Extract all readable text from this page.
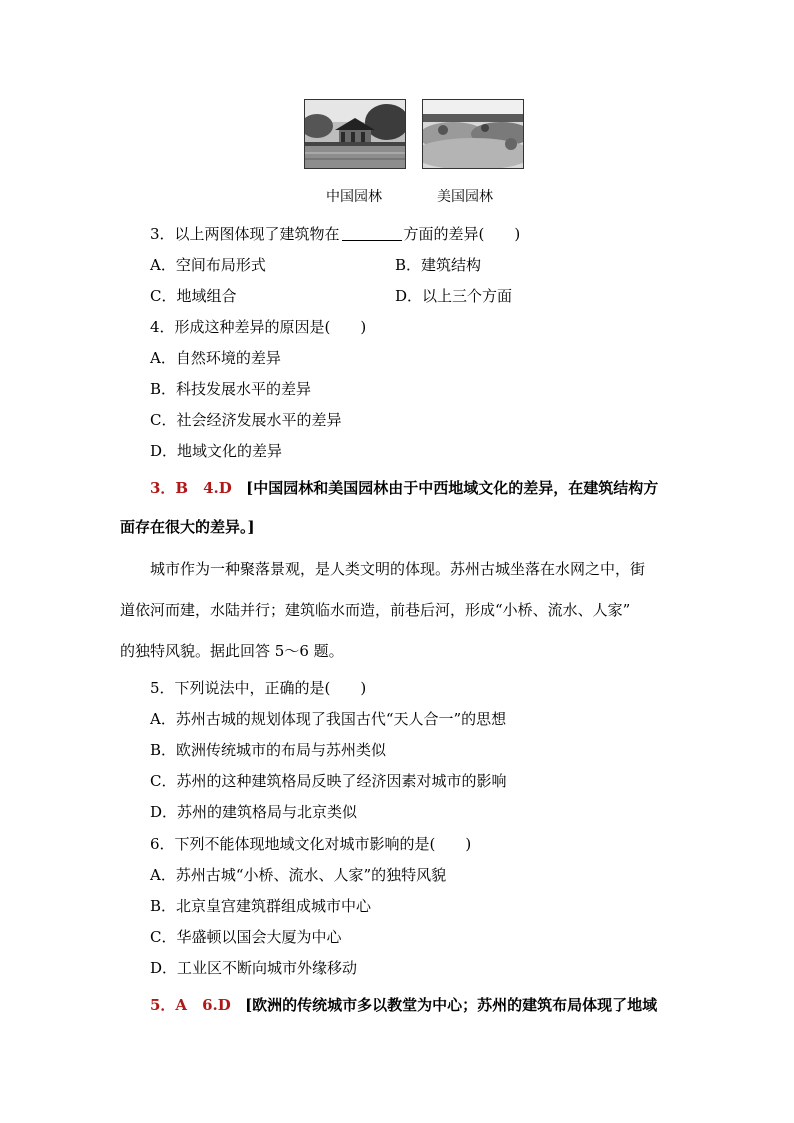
中国园林	美国园林
3．以上两图体现了建筑物在	方面的差异(　　)
A．空间布局形式	B．建筑结构
C．地域组合	D．以上三个方面
4．形成这种差异的原因是(　　)
A．自然环境的差异
B．科技发展水平的差异
C．社会经济发展水平的差异
D．地域文化的差异
3．B　4.D [中国园林和美国园林由于中西地域文化的差异，在建筑结构方
面存在很大的差异。]
城市作为一种聚落景观，是人类文明的体现。苏州古城坐落在水网之中，街
道依河而建，水陆并行；建筑临水而造，前巷后河，形成“小桥、流水、人家”
的独特风貌。据此回答 5～6 题。
5．下列说法中，正确的是(　　)
A．苏州古城的规划体现了我国古代“天人合一”的思想
B．欧洲传统城市的布局与苏州类似
C．苏州的这种建筑格局反映了经济因素对城市的影响
D．苏州的建筑格局与北京类似
6．下列不能体现地域文化对城市影响的是(　　)
A．苏州古城“小桥、流水、人家”的独特风貌
B．北京皇宫建筑群组成城市中心
C．华盛顿以国会大厦为中心
D．工业区不断向城市外缘移动
5．A　6.D [欧洲的传统城市多以教堂为中心；苏州的建筑布局体现了地域
